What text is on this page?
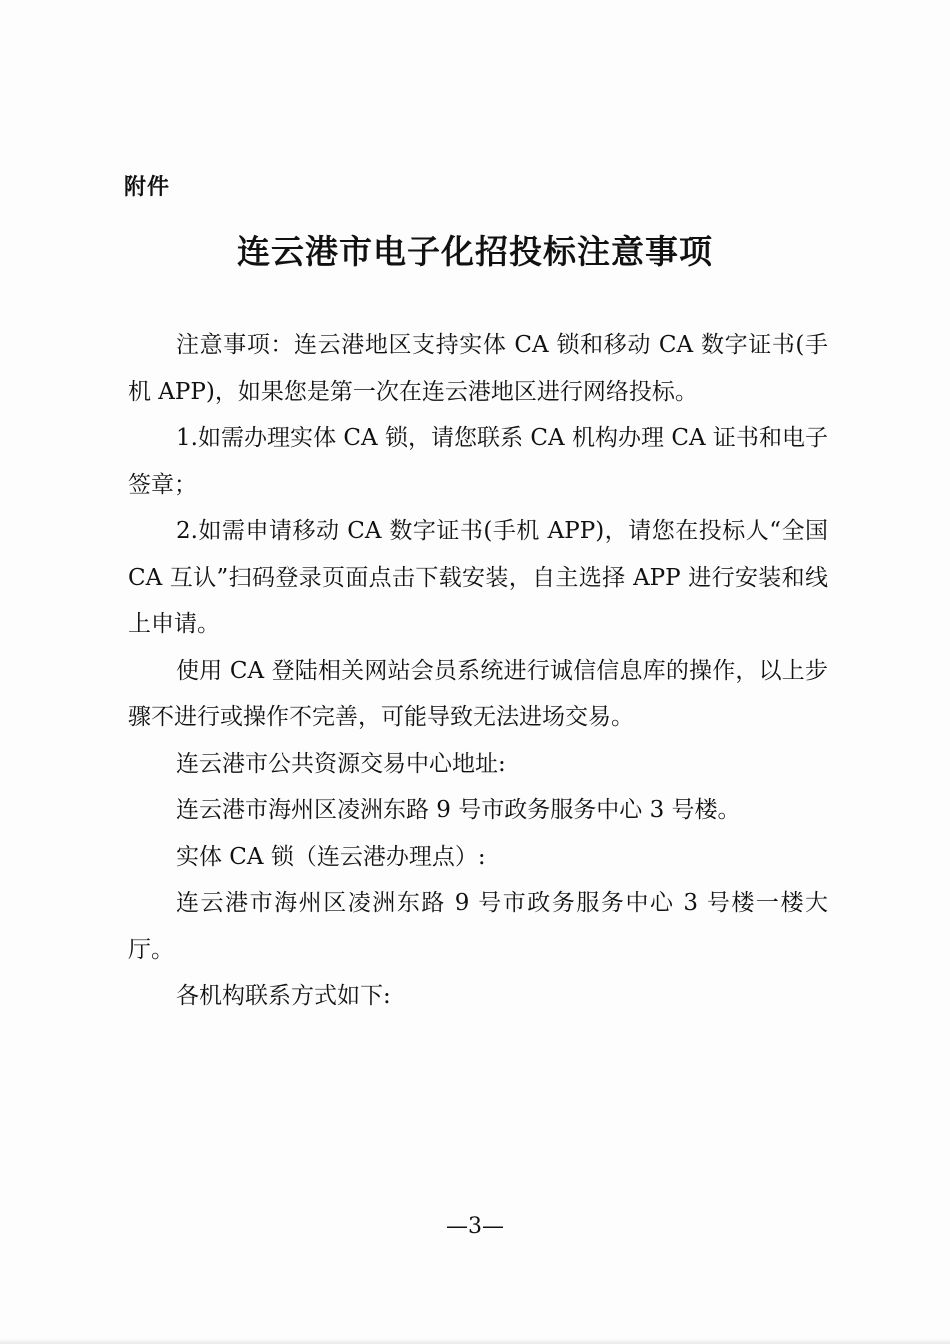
附件
连云港市电子化招投标注意事项

注意事项：连云港地区支持实体 CA 锁和移动 CA 数字证书(手机 APP)，如果您是第一次在连云港地区进行网络投标。

1.如需办理实体 CA 锁，请您联系 CA 机构办理 CA 证书和电子签章；

2.如需申请移动 CA 数字证书(手机 APP)，请您在投标人“全国 CA 互认”扫码登录页面点击下载安装，自主选择 APP 进行安装和线上申请。

使用 CA 登陆相关网站会员系统进行诚信信息库的操作，以上步骤不进行或操作不完善，可能导致无法进场交易。

连云港市公共资源交易中心地址:

连云港市海州区凌洲东路 9 号市政务服务中心 3 号楼。

实体 CA 锁（连云港办理点）:

连云港市海州区凌洲东路 9 号市政务服务中心 3 号楼一楼大厅。

各机构联系方式如下:

—3—
